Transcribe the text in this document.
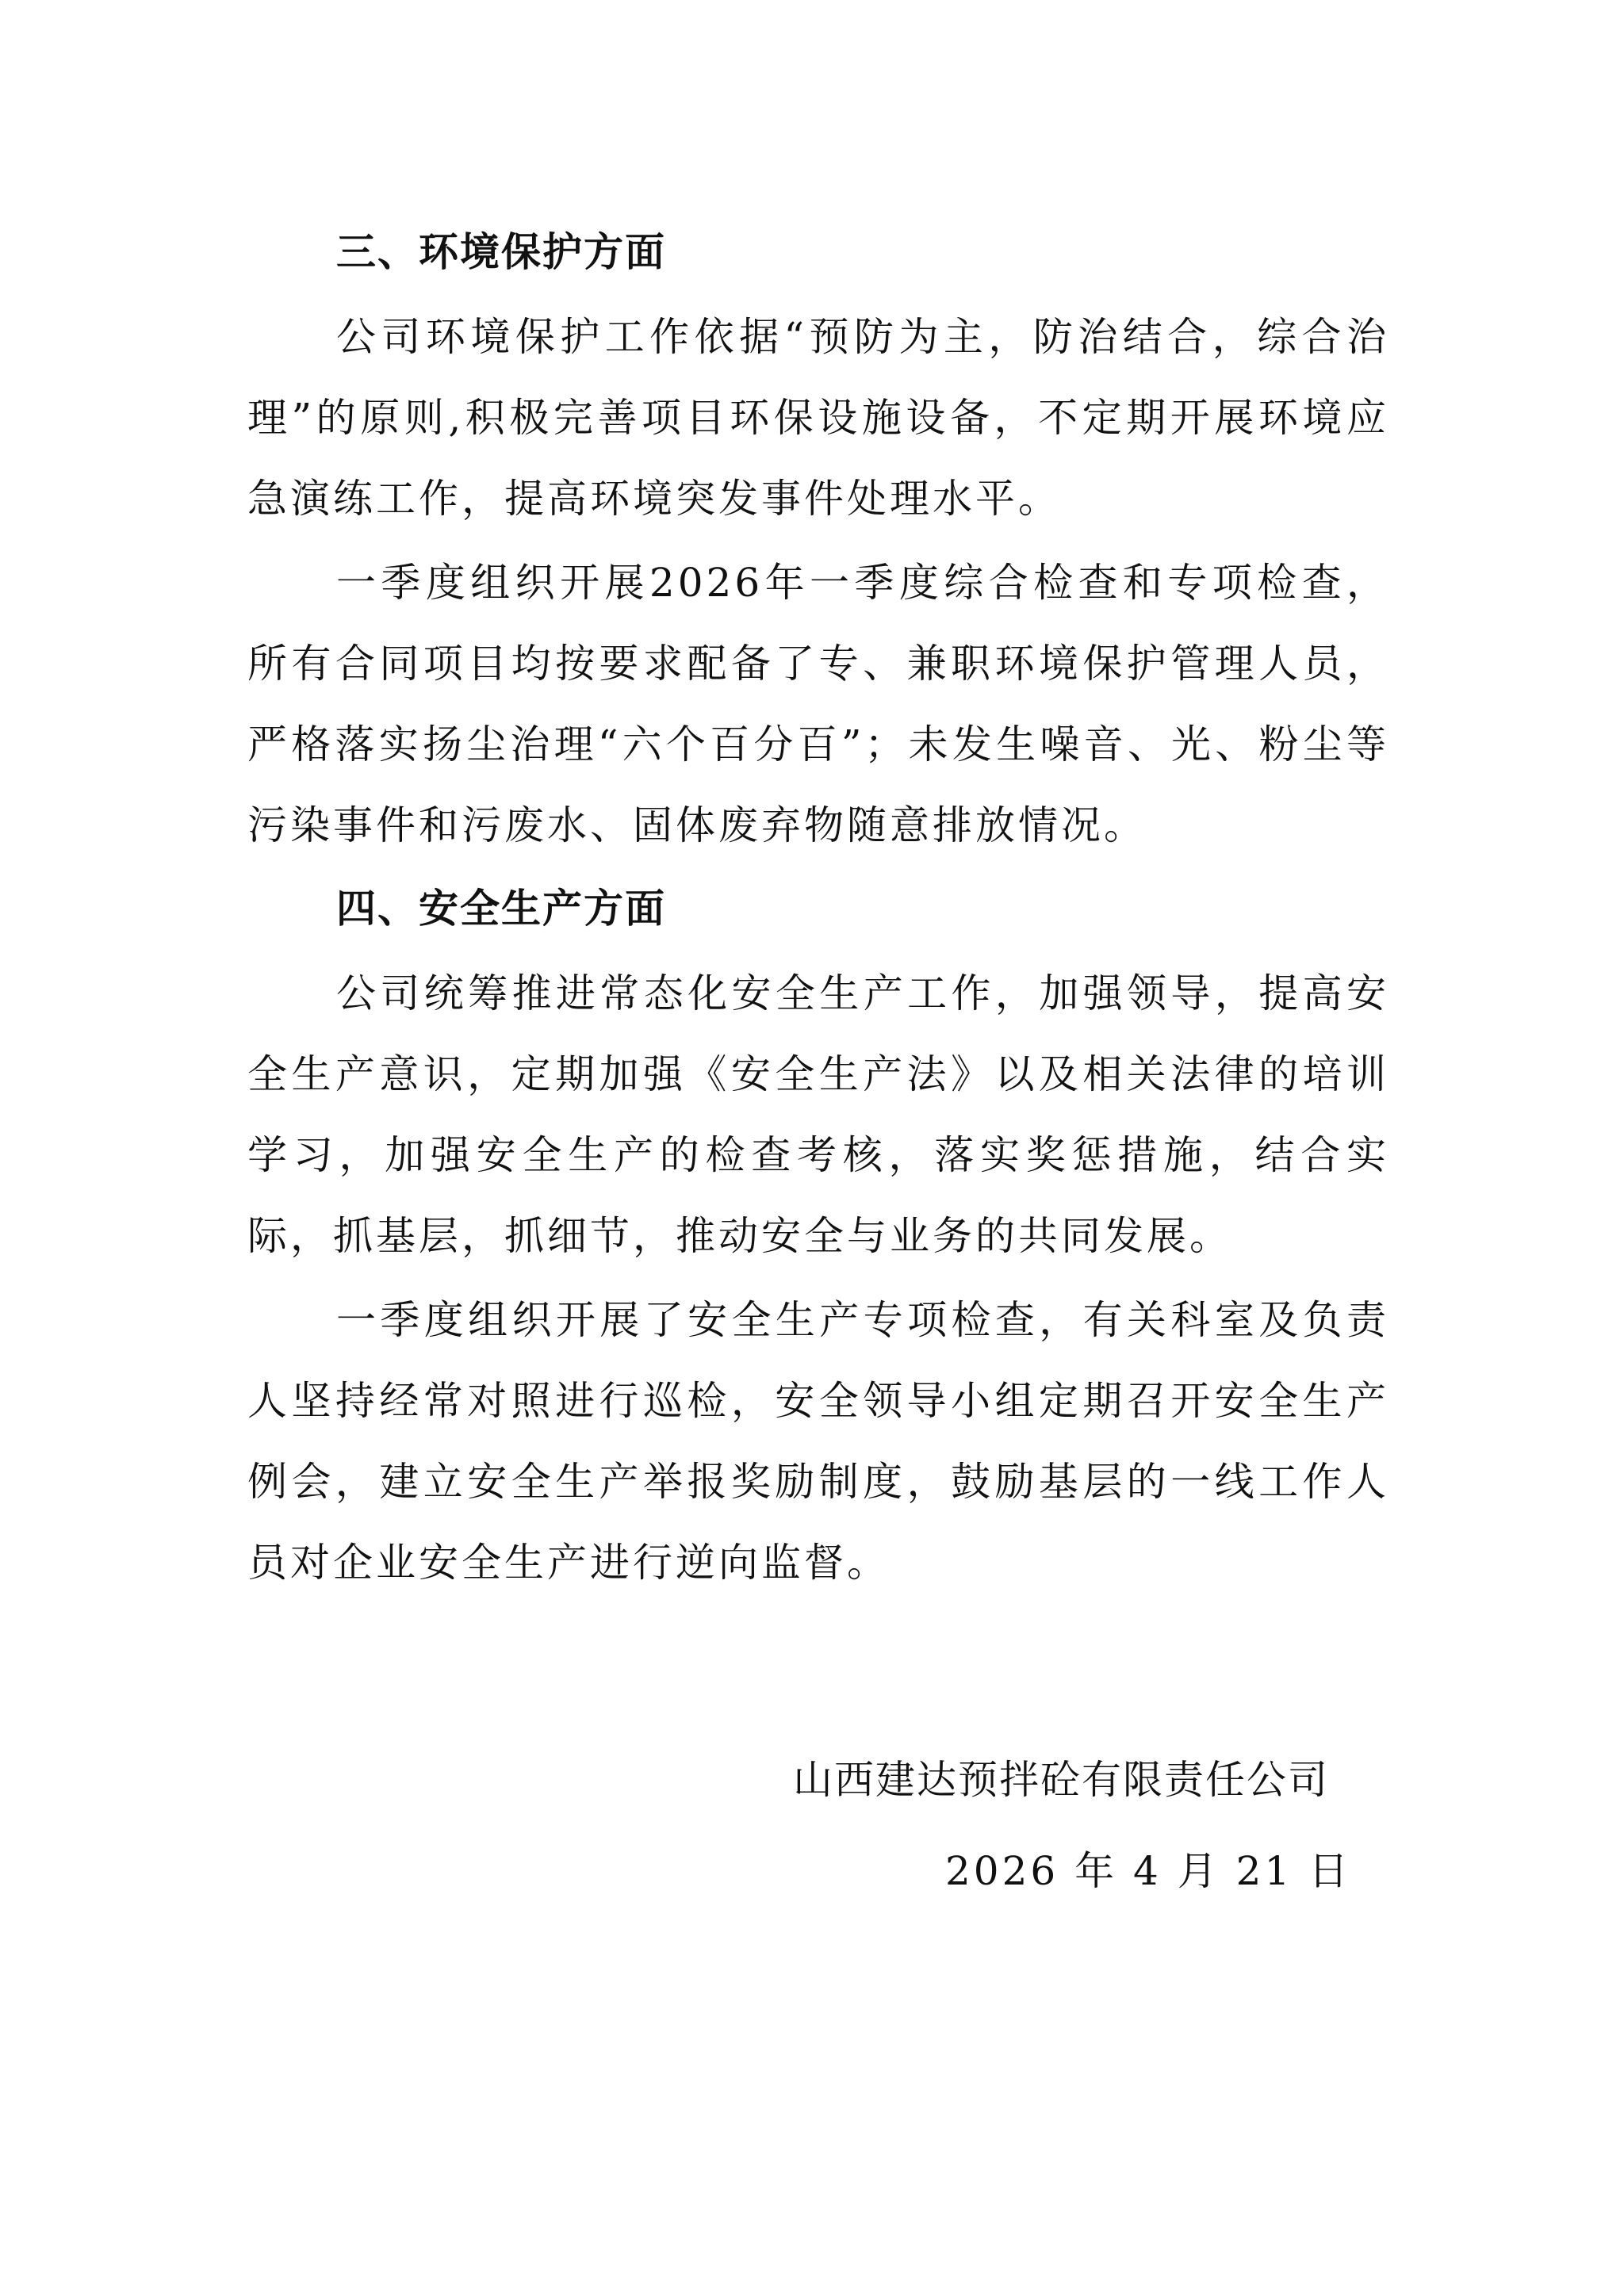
三、环境保护方面

公司环境保护工作依据“预防为主，防治结合，综合治理”的原则,积极完善项目环保设施设备，不定期开展环境应急演练工作，提高环境突发事件处理水平。

一季度组织开展2026年一季度综合检查和专项检查，所有合同项目均按要求配备了专、兼职环境保护管理人员，严格落实扬尘治理“六个百分百”；未发生噪音、光、粉尘等污染事件和污废水、固体废弃物随意排放情况。

四、安全生产方面

公司统筹推进常态化安全生产工作，加强领导，提高安全生产意识，定期加强《安全生产法》以及相关法律的培训学习，加强安全生产的检查考核，落实奖惩措施，结合实际，抓基层，抓细节，推动安全与业务的共同发展。

一季度组织开展了安全生产专项检查，有关科室及负责人坚持经常对照进行巡检，安全领导小组定期召开安全生产例会，建立安全生产举报奖励制度，鼓励基层的一线工作人员对企业安全生产进行逆向监督。

山西建达预拌砼有限责任公司
2026 年 4 月 21 日
